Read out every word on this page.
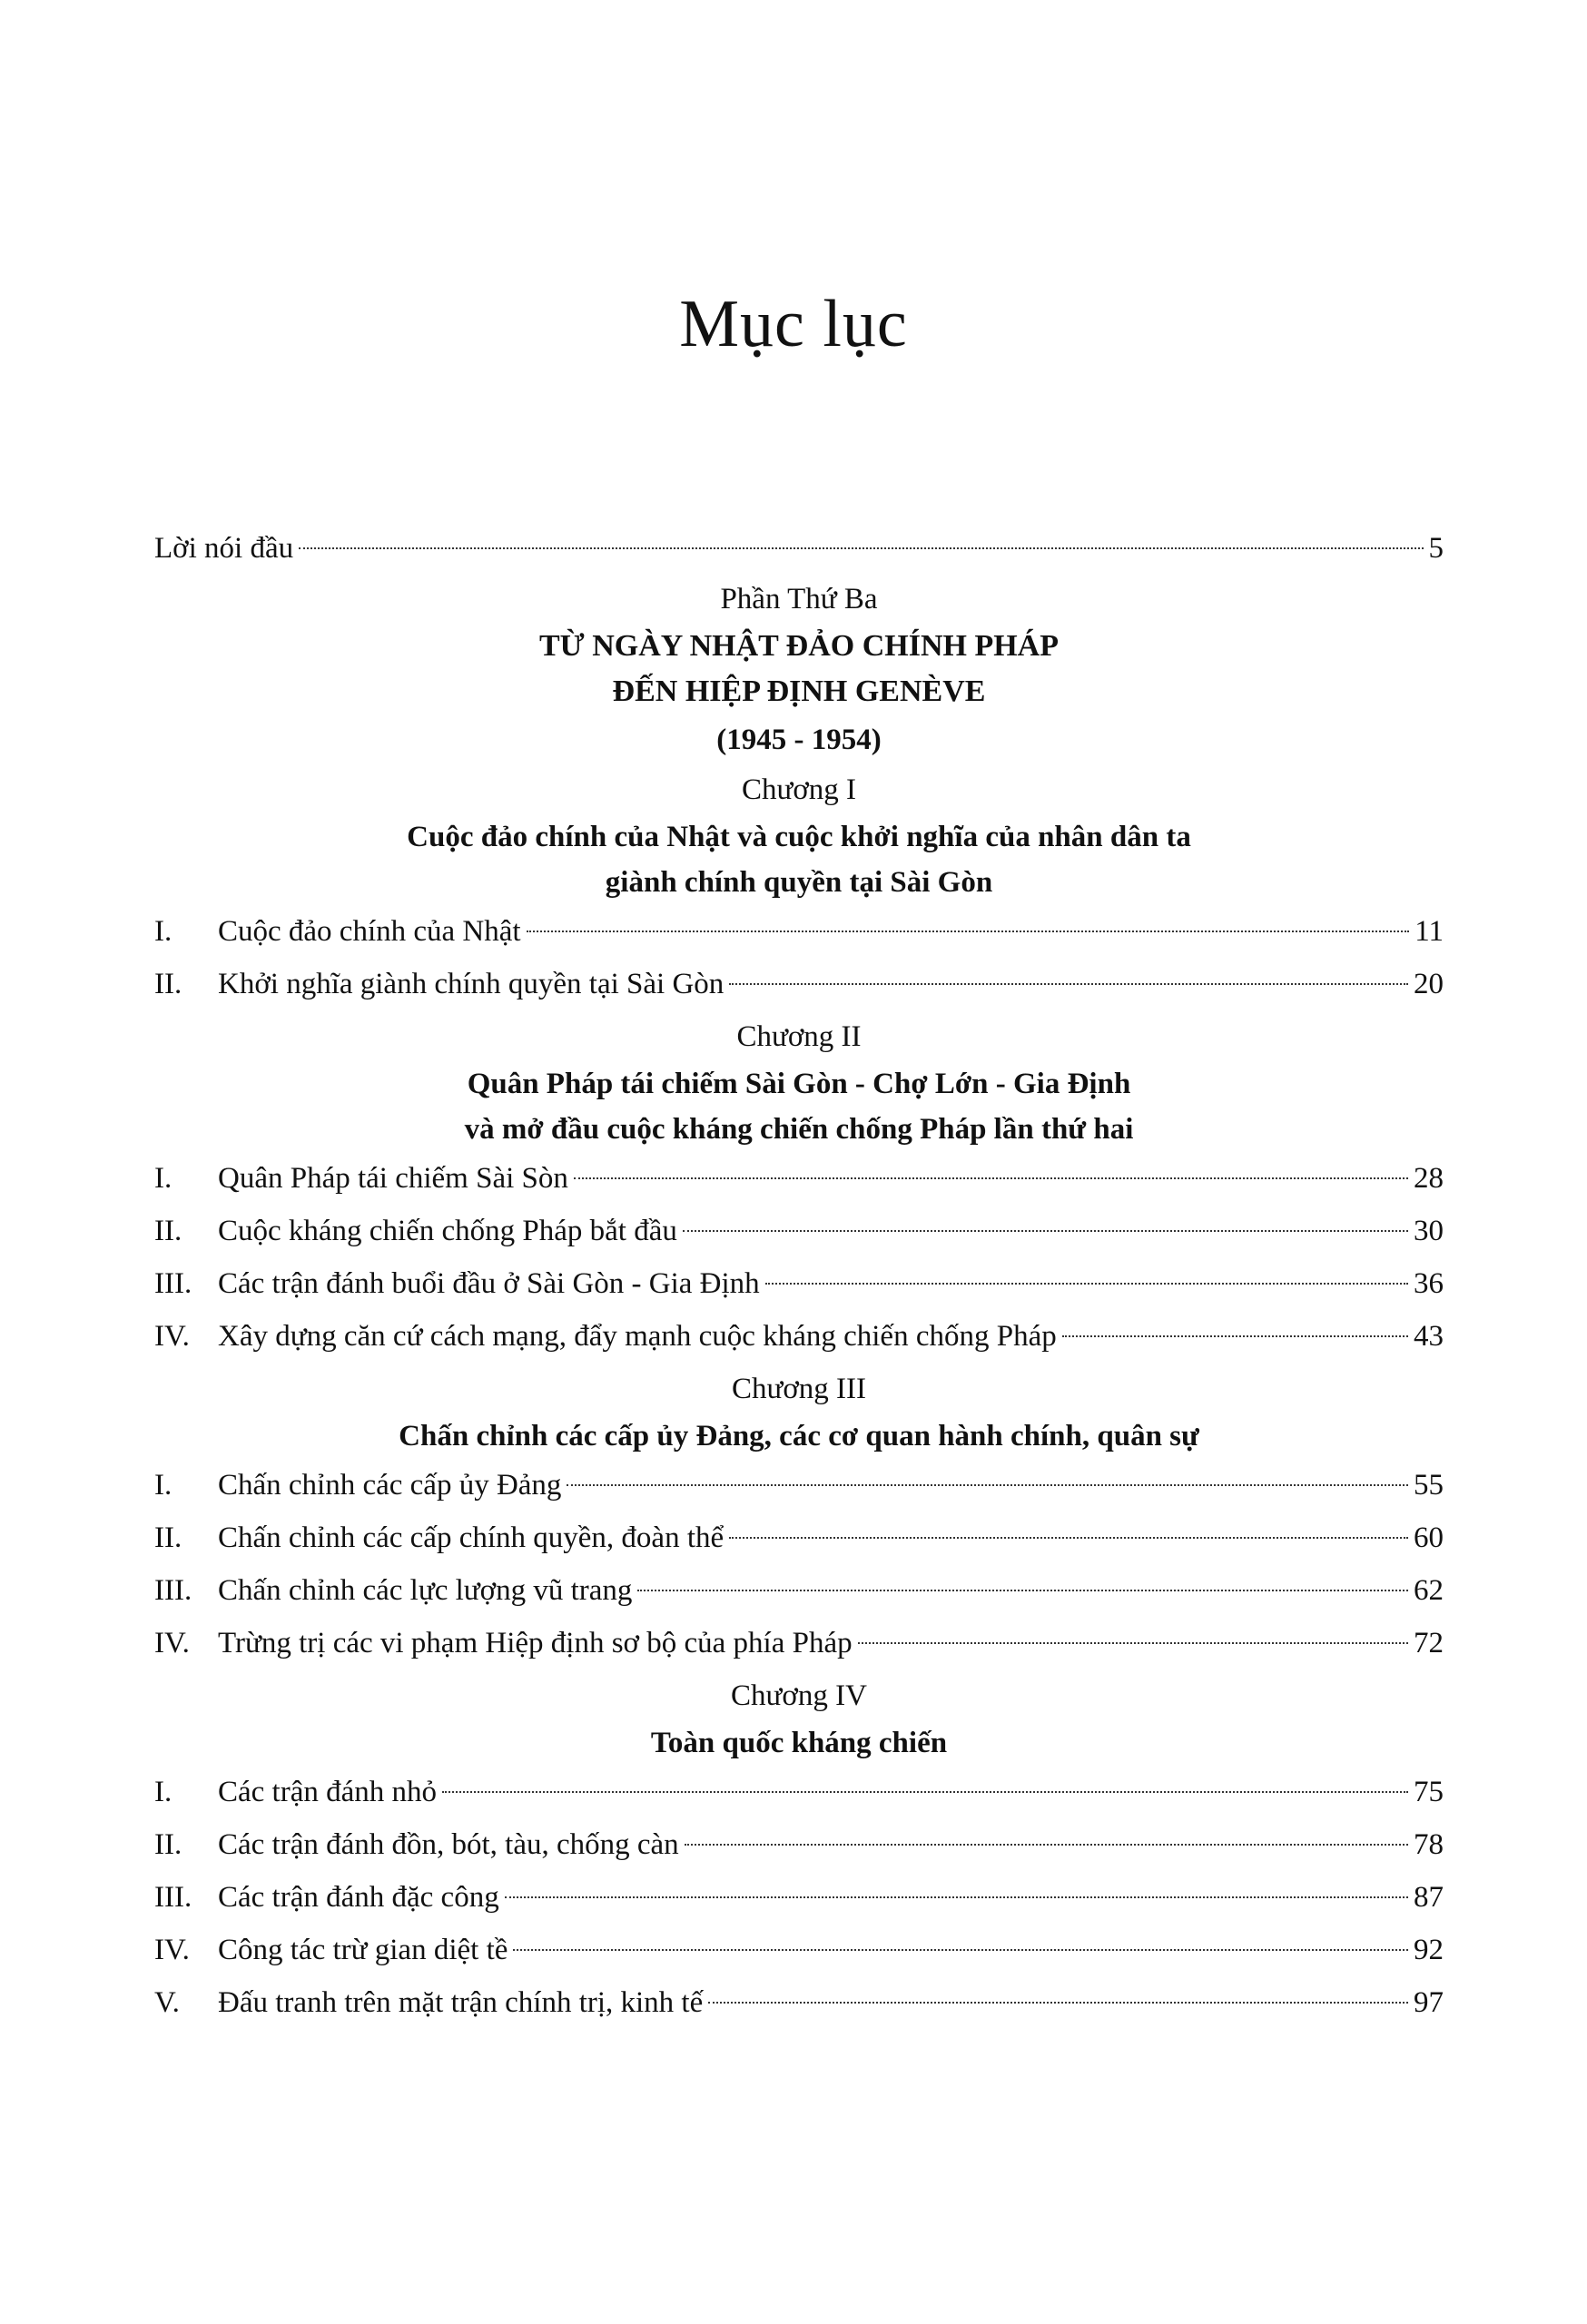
Mục lục
Lời nói đầu	5
Phần Thứ Ba
TỪ NGÀY NHẬT ĐẢO CHÍNH PHÁP
ĐẾN HIỆP ĐỊNH GENÈVE
(1945 - 1954)
Chương I
Cuộc đảo chính của Nhật và cuộc khởi nghĩa của nhân dân ta
giành chính quyền tại Sài Gòn
I.	Cuộc đảo chính của Nhật	11
II.	Khởi nghĩa giành chính quyền tại Sài Gòn	20
Chương II
Quân Pháp tái chiếm Sài Gòn - Chợ Lớn - Gia Định
và mở đầu cuộc kháng chiến chống Pháp lần thứ hai
I.	Quân Pháp tái chiếm Sài Sòn	28
II.	Cuộc kháng chiến chống Pháp bắt đầu	30
III. Các trận đánh buổi đầu ở Sài Gòn - Gia Định	36
IV. Xây dựng căn cứ cách mạng, đẩy mạnh cuộc kháng chiến chống Pháp	43
Chương III
Chấn chỉnh các cấp ủy Đảng, các cơ quan hành chính, quân sự
I.	Chấn chỉnh các cấp ủy Đảng	55
II.	Chấn chỉnh các cấp chính quyền, đoàn thể	60
III. Chấn chỉnh các lực lượng vũ trang	62
IV. Trừng trị các vi phạm Hiệp định sơ bộ của phía Pháp	72
Chương IV
Toàn quốc kháng chiến
I.	Các trận đánh nhỏ	75
II.	Các trận đánh đồn, bót, tàu, chống càn	78
III. Các trận đánh đặc công	87
IV. Công tác trừ gian diệt tề	92
V.	Đấu tranh trên mặt trận chính trị, kinh tế	97
